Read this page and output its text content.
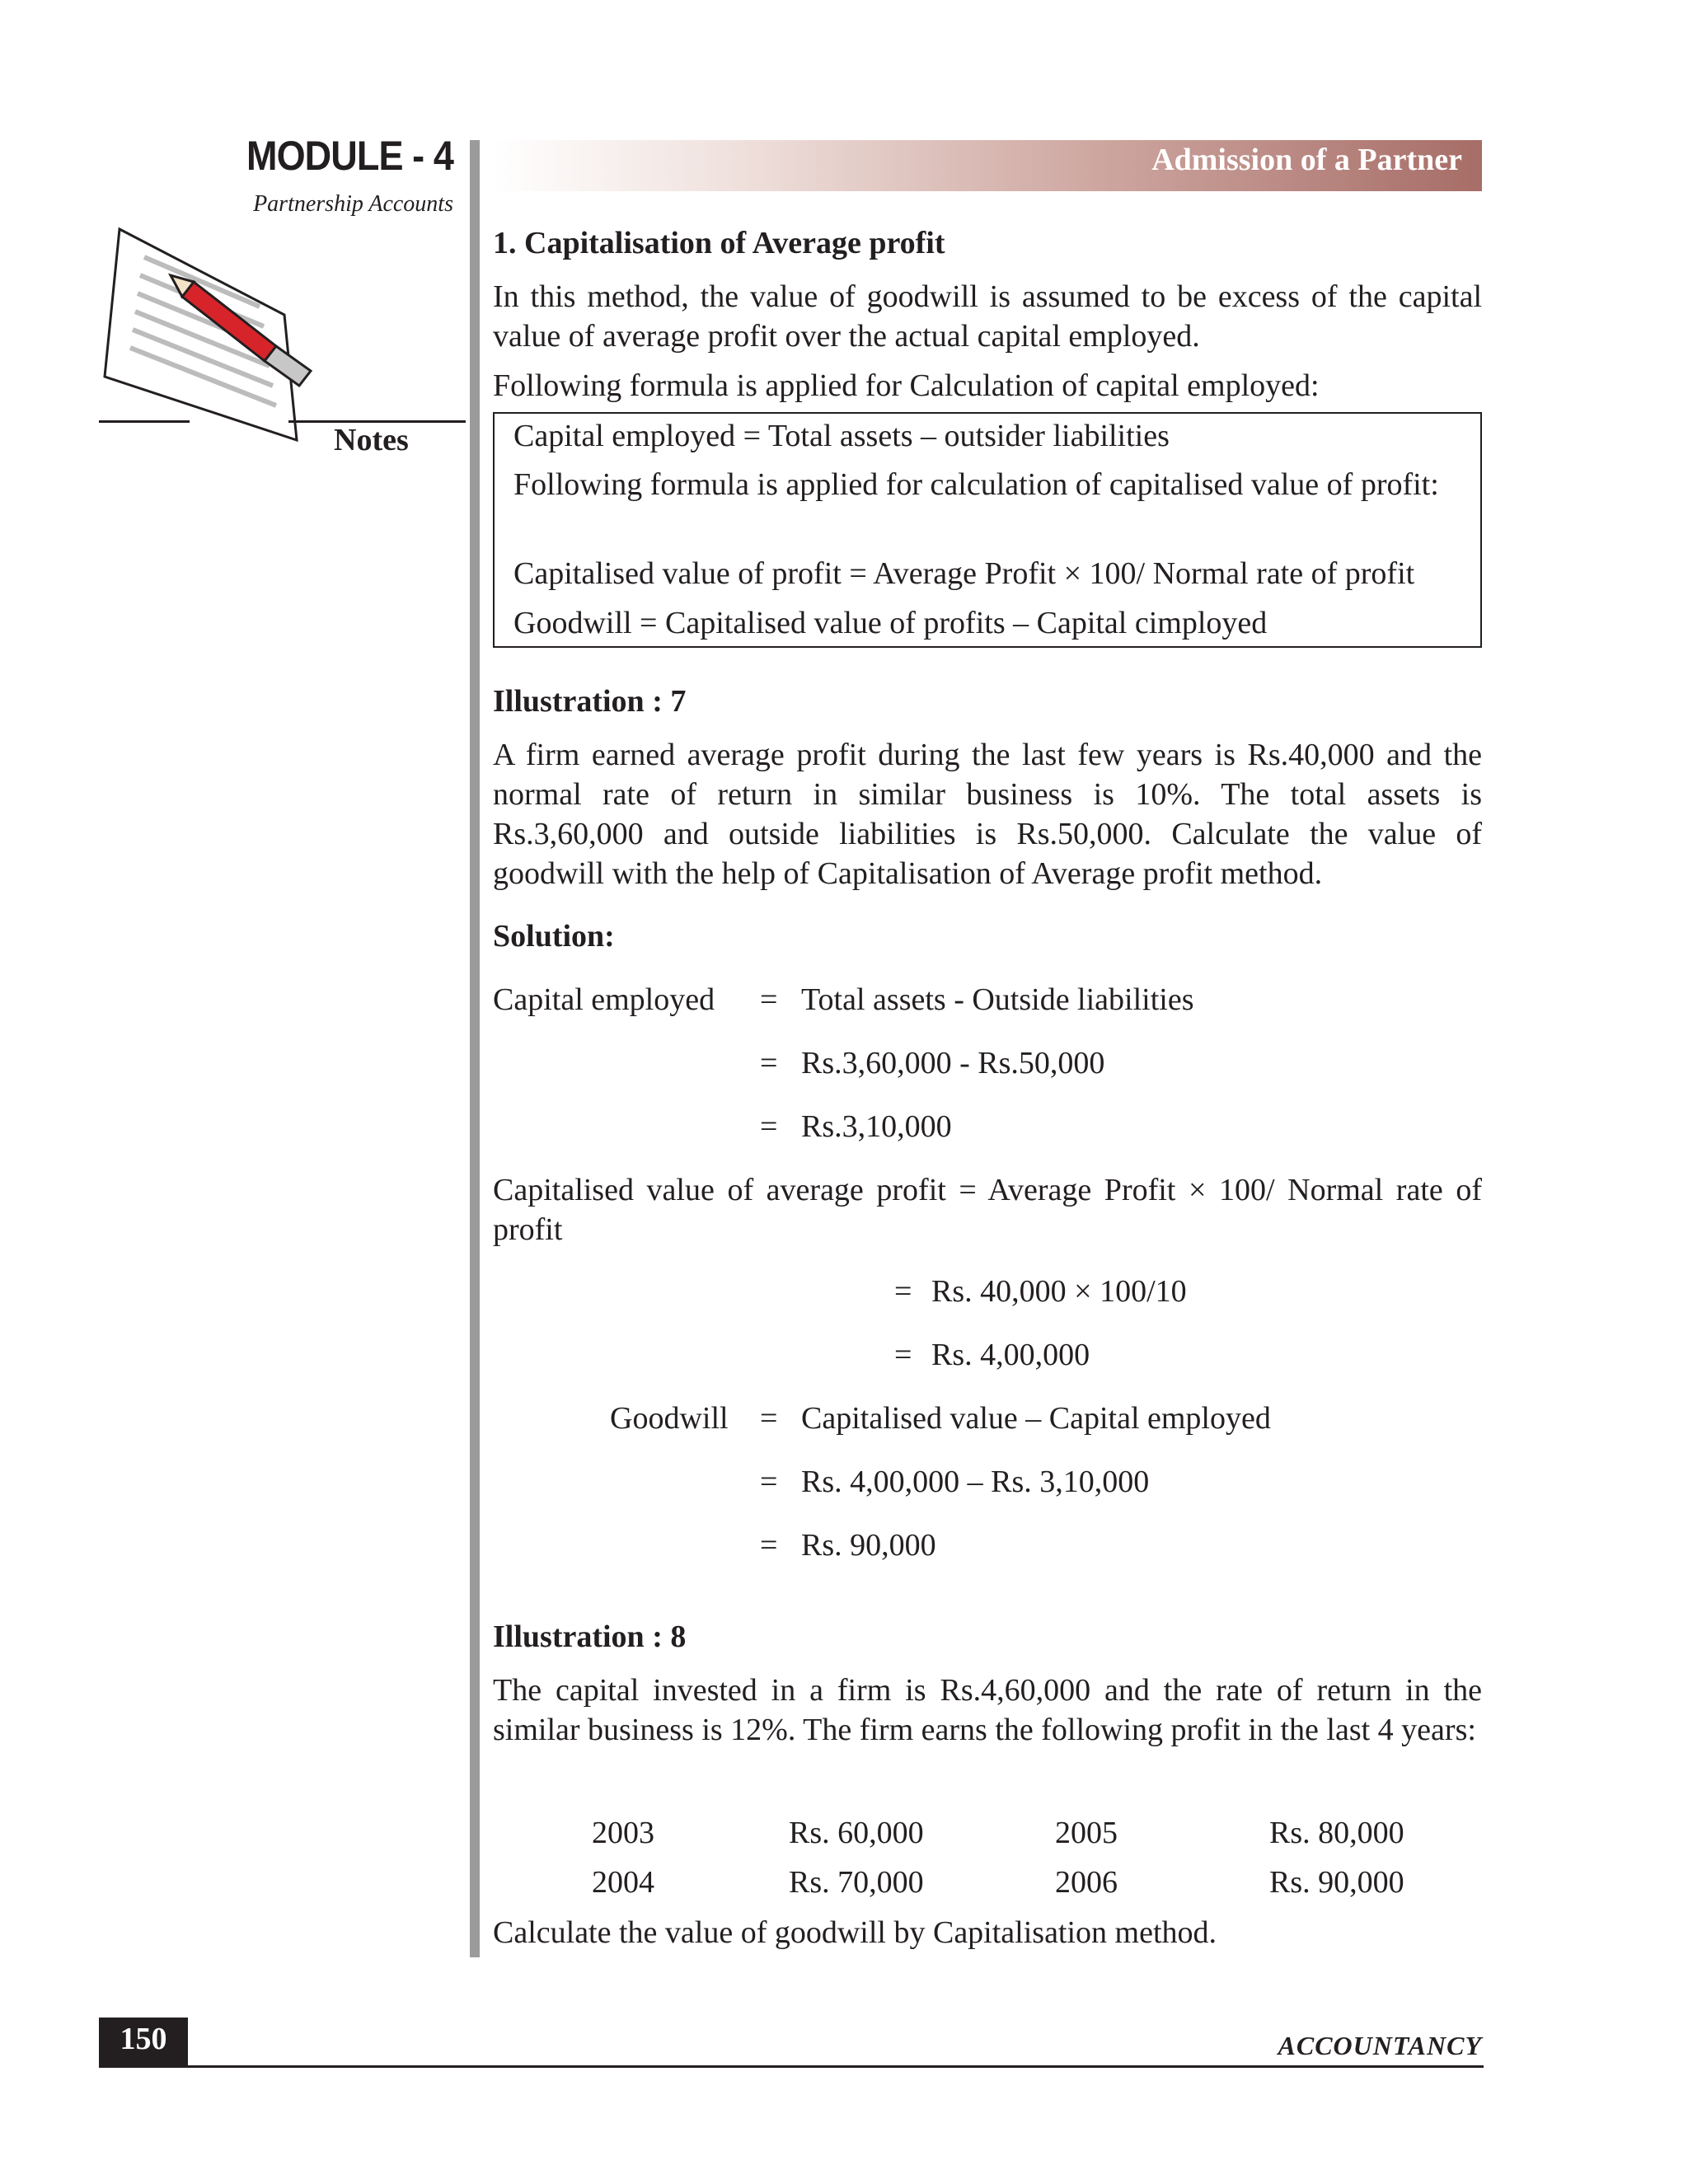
MODULE - 4
Partnership Accounts
Notes
Admission of a Partner
1. Capitalisation of Average profit
In this method, the value of goodwill is assumed to be excess of the capital value of average profit over the actual capital employed.
Following formula is applied for Calculation of capital employed:
Capital employed = Total assets – outsider liabilities
Following formula is applied for calculation of capitalised value of profit:
Capitalised value of profit = Average Profit × 100/ Normal rate of profit
Goodwill = Capitalised value of profits – Capital cimployed
Illustration : 7
A firm earned average profit during the last few years is Rs.40,000 and the normal rate of return in similar business is 10%. The total assets is Rs.3,60,000 and outside liabilities is Rs.50,000. Calculate the value of goodwill with the help of Capitalisation of Average profit method.
Solution:
Capital employed = Total assets - Outside liabilities
= Rs.3,60,000 - Rs.50,000
= Rs.3,10,000
Capitalised value of average profit = Average Profit × 100/ Normal rate of profit
= Rs. 40,000 × 100/10
= Rs. 4,00,000
Goodwill = Capitalised value – Capital employed
= Rs. 4,00,000 – Rs. 3,10,000
= Rs. 90,000
Illustration : 8
The capital invested in a firm is Rs.4,60,000 and the rate of return in the similar business is 12%. The firm earns the following profit in the last 4 years:
2003	Rs. 60,000	2005	Rs. 80,000
2004	Rs. 70,000	2006	Rs. 90,000
Calculate the value of goodwill by Capitalisation method.
150	ACCOUNTANCY
